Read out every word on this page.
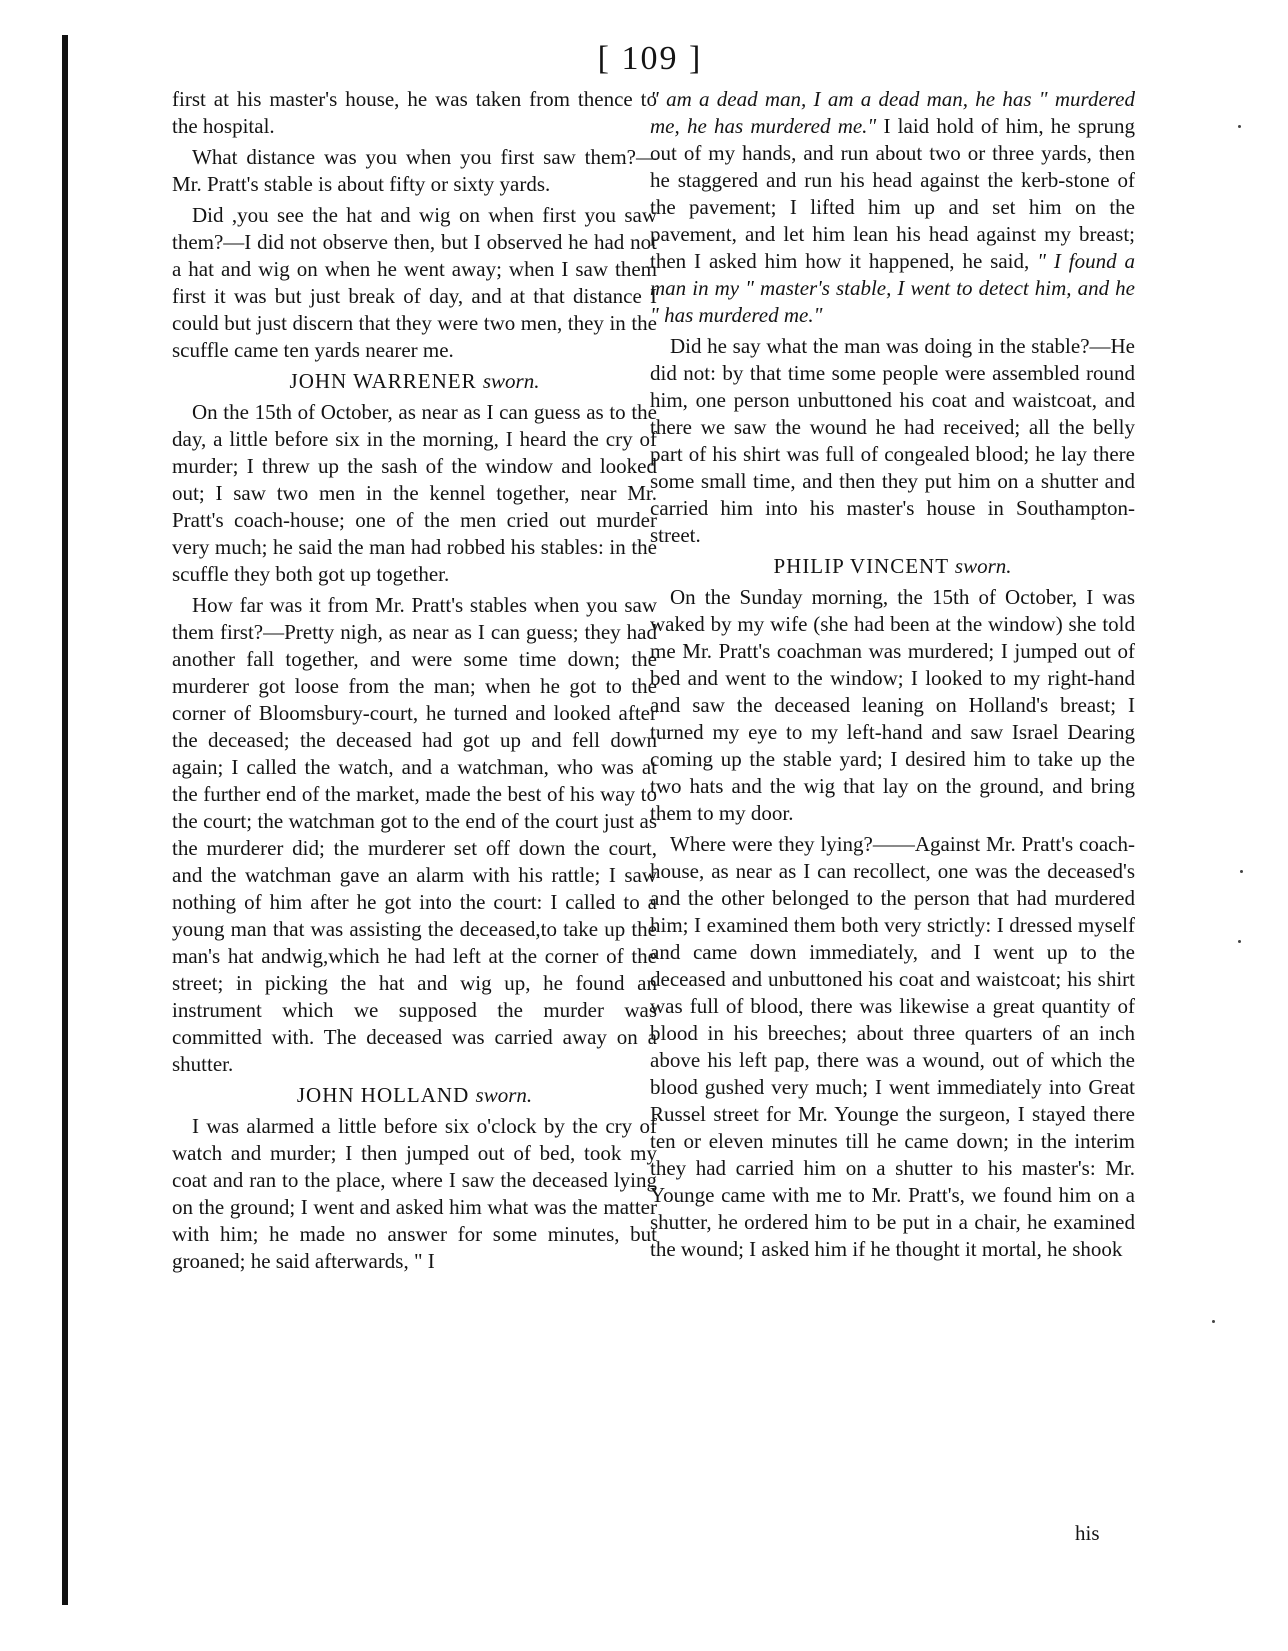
[ 109 ]

first at his master's house, he was taken from thence to the hospital.

What distance was you when you first saw them?—Mr. Pratt's stable is about fifty or sixty yards.

Did ,you see the hat and wig on when first you saw them?—I did not observe then, but I observed he had not a hat and wig on when he went away; when I saw them first it was but just break of day, and at that distance I could but just discern that they were two men, they in the scuffle came ten yards nearer me.

JOHN WARRENER sworn.

On the 15th of October, as near as I can guess as to the day, a little before six in the morning, I heard the cry of murder; I threw up the sash of the window and looked out; I saw two men in the kennel together, near Mr. Pratt's coach-house; one of the men cried out murder very much; he said the man had robbed his stables: in the scuffle they both got up together.

How far was it from Mr. Pratt's stables when you saw them first?—Pretty nigh, as near as I can guess; they had another fall together, and were some time down; the murderer got loose from the man; when he got to the corner of Bloomsbury-court, he turned and looked after the deceased; the deceased had got up and fell down again; I called the watch, and a watchman, who was at the further end of the market, made the best of his way to the court; the watchman got to the end of the court just as the murderer did; the murderer set off down the court, and the watchman gave an alarm with his rattle; I saw nothing of him after he got into the court: I called to a young man that was assisting the deceased,to take up the man's hat andwig,which he had left at the corner of the street; in picking the hat and wig up, he found an instrument which we supposed the murder was committed with. The deceased was carried away on a shutter.

JOHN HOLLAND sworn.

I was alarmed a little before six o'clock by the cry of watch and murder; I then jumped out of bed, took my coat and ran to the place, where I saw the deceased lying on the ground; I went and asked him what was the matter with him; he made no answer for some minutes, but groaned; he said afterwards, " I

" am a dead man, I am a dead man, he has " murdered me, he has murdered me." I laid hold of him, he sprung out of my hands, and run about two or three yards, then he staggered and run his head against the kerb-stone of the pavement; I lifted him up and set him on the pavement, and let him lean his head against my breast; then I asked him how it happened, he said, " I found a man in my " master's stable, I went to detect him, and he " has murdered me."

Did he say what the man was doing in the stable?—He did not: by that time some people were assembled round him, one person unbuttoned his coat and waistcoat, and there we saw the wound he had received; all the belly part of his shirt was full of congealed blood; he lay there some small time, and then they put him on a shutter and carried him into his master's house in Southampton-street.

PHILIP VINCENT sworn.

On the Sunday morning, the 15th of October, I was waked by my wife (she had been at the window) she told me Mr. Pratt's coachman was murdered; I jumped out of bed and went to the window; I looked to my right-hand and saw the deceased leaning on Holland's breast; I turned my eye to my left-hand and saw Israel Dearing coming up the stable yard; I desired him to take up the two hats and the wig that lay on the ground, and bring them to my door.

Where were they lying?——Against Mr. Pratt's coach-house, as near as I can recollect, one was the deceased's and the other belonged to the person that had murdered him; I examined them both very strictly: I dressed myself and came down immediately, and I went up to the deceased and unbuttoned his coat and waistcoat; his shirt was full of blood, there was likewise a great quantity of blood in his breeches; about three quarters of an inch above his left pap, there was a wound, out of which the blood gushed very much; I went immediately into Great Russel street for Mr. Younge the surgeon, I stayed there ten or eleven minutes till he came down; in the interim they had carried him on a shutter to his master's: Mr. Younge came with me to Mr. Pratt's, we found him on a shutter, he ordered him to be put in a chair, he examined the wound; I asked him if he thought it mortal, he shook

his
